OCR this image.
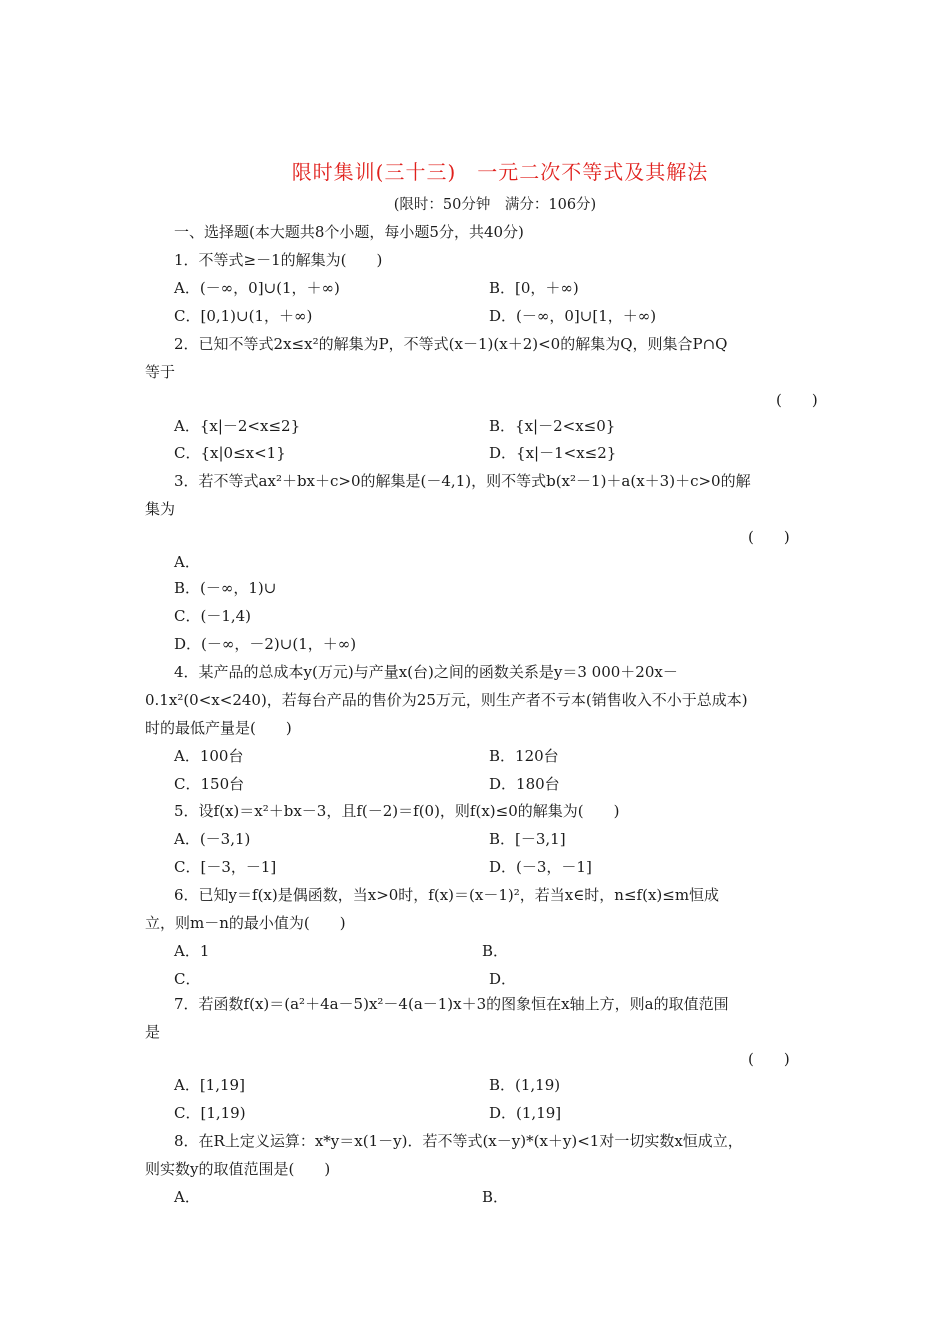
限时集训(三十三)　一元二次不等式及其解法
(限时：50分钟　满分：106分)
一、选择题(本大题共8个小题，每小题5分，共40分)
1．不等式≥－1的解集为(　　)
A．(－∞，0]∪(1，＋∞)	B．[0，＋∞)
C．[0,1)∪(1，＋∞)	D．(－∞，0]∪[1，＋∞)
2．已知不等式2x≤x²的解集为P，不等式(x－1)(x＋2)<0的解集为Q，则集合P∩Q
等于
(　　)
A．{x|－2<x≤2}	B．{x|－2<x≤0}
C．{x|0≤x<1}	D．{x|－1<x≤2}
3．若不等式ax²＋bx＋c>0的解集是(－4,1)，则不等式b(x²－1)＋a(x＋3)＋c>0的解
集为
(　　)
A．
B．(－∞，1)∪
C．(－1,4)
D．(－∞，－2)∪(1，＋∞)
4．某产品的总成本y(万元)与产量x(台)之间的函数关系是y＝3 000＋20x－
0.1x²(0<x<240)，若每台产品的售价为25万元，则生产者不亏本(销售收入不小于总成本)
时的最低产量是(　　)
A．100台	B．120台
C．150台	D．180台
5．设f(x)＝x²＋bx－3，且f(－2)＝f(0)，则f(x)≤0的解集为(　　)
A．(－3,1)	B．[－3,1]
C．[－3，－1]	D．(－3，－1]
6．已知y＝f(x)是偶函数，当x>0时，f(x)＝(x－1)²，若当x∈时，n≤f(x)≤m恒成
立，则m－n的最小值为(　　)
A．1	B．
C．	D．
7．若函数f(x)＝(a²＋4a－5)x²－4(a－1)x＋3的图象恒在x轴上方，则a的取值范围
是
(　　)
A．[1,19]	B．(1,19)
C．[1,19)	D．(1,19]
8．在R上定义运算：x*y＝x(1－y)．若不等式(x－y)*(x＋y)<1对一切实数x恒成立，
则实数y的取值范围是(　　)
A．	B．
